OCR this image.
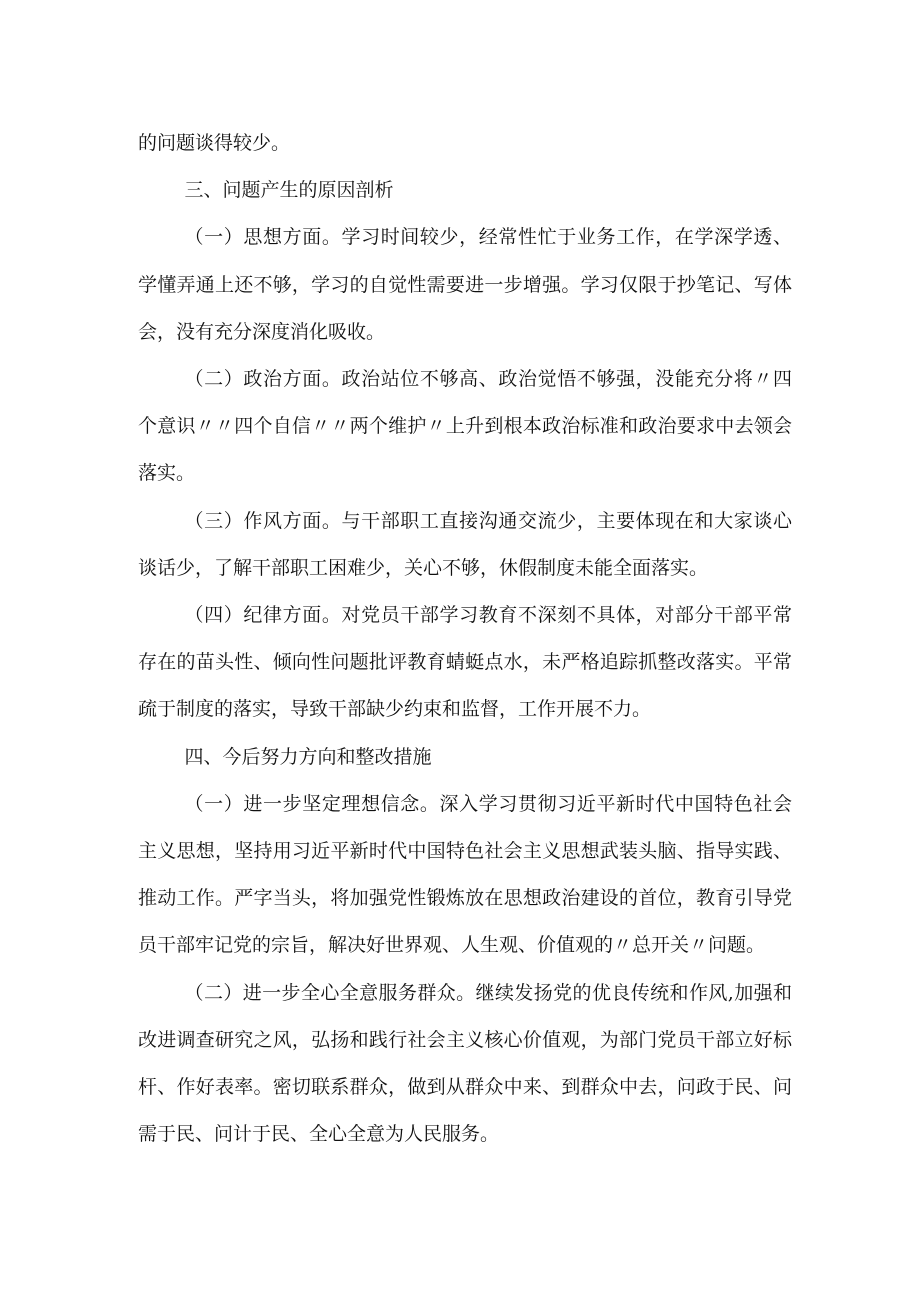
的问题谈得较少。

三、问题产生的原因剖析

（一）思想方面。学习时间较少，经常性忙于业务工作，在学深学透、学懂弄通上还不够，学习的自觉性需要进一步增强。学习仅限于抄笔记、写体会，没有充分深度消化吸收。

（二）政治方面。政治站位不够高、政治觉悟不够强，没能充分将〃四个意识〃〃四个自信〃〃两个维护〃上升到根本政治标准和政治要求中去领会落实。

（三）作风方面。与干部职工直接沟通交流少，主要体现在和大家谈心谈话少，了解干部职工困难少，关心不够，休假制度未能全面落实。

（四）纪律方面。对党员干部学习教育不深刻不具体，对部分干部平常存在的苗头性、倾向性问题批评教育蜻蜓点水，未严格追踪抓整改落实。平常疏于制度的落实，导致干部缺少约束和监督，工作开展不力。

四、今后努力方向和整改措施

（一）进一步坚定理想信念。深入学习贯彻习近平新时代中国特色社会主义思想，坚持用习近平新时代中国特色社会主义思想武装头脑、指导实践、推动工作。严字当头，将加强党性锻炼放在思想政治建设的首位，教育引导党员干部牢记党的宗旨，解决好世界观、人生观、价值观的〃总开关〃问题。

（二）进一步全心全意服务群众。继续发扬党的优良传统和作风,加强和改进调查研究之风，弘扬和践行社会主义核心价值观，为部门党员干部立好标杆、作好表率。密切联系群众，做到从群众中来、到群众中去，问政于民、问需于民、问计于民、全心全意为人民服务。
